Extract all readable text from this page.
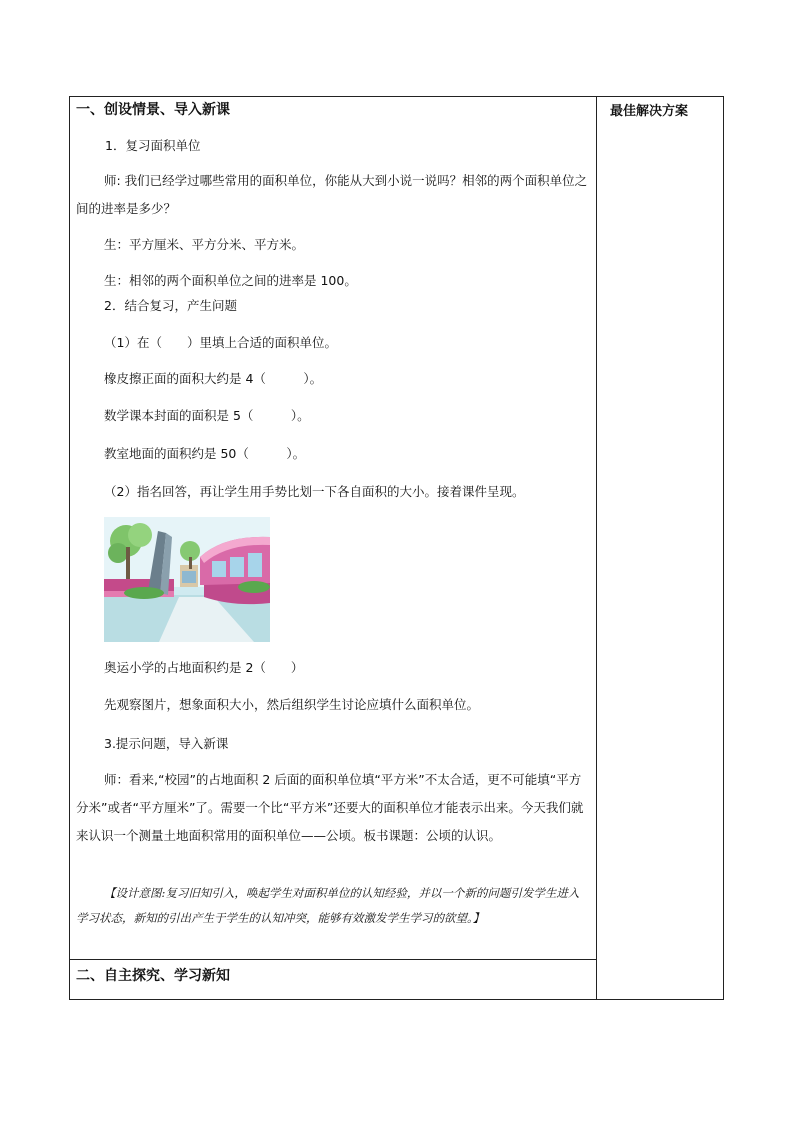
最佳解决方案
一、创设情景、导入新课
1．复习面积单位
师: 我们已经学过哪些常用的面积单位，你能从大到小说一说吗？相邻的两个面积单位之间的进率是多少？
生：平方厘米、平方分米、平方米。
生：相邻的两个面积单位之间的进率是 100。
2．结合复习，产生问题
（1）在（　　）里填上合适的面积单位。
橡皮擦正面的面积大约是 4（　　　）。
数学课本封面的面积是 5（　　　）。
教室地面的面积约是 50（　　　）。
（2）指名回答，再让学生用手势比划一下各自面积的大小。接着课件呈现。
奥运小学的占地面积约是 2（　　）
先观察图片，想象面积大小，然后组织学生讨论应填什么面积单位。
3.提示问题，导入新课
师：看来,“校园”的占地面积 2 后面的面积单位填“平方米”不太合适，更不可能填“平方分米”或者“平方厘米”了。需要一个比“平方米”还要大的面积单位才能表示出来。今天我们就来认识一个测量土地面积常用的面积单位——公顷。板书课题：公顷的认识。
【设计意图:复习旧知引入，唤起学生对面积单位的认知经验，并以一个新的问题引发学生进入学习状态，新知的引出产生于学生的认知冲突，能够有效激发学生学习的欲望。】
二、自主探究、学习新知
